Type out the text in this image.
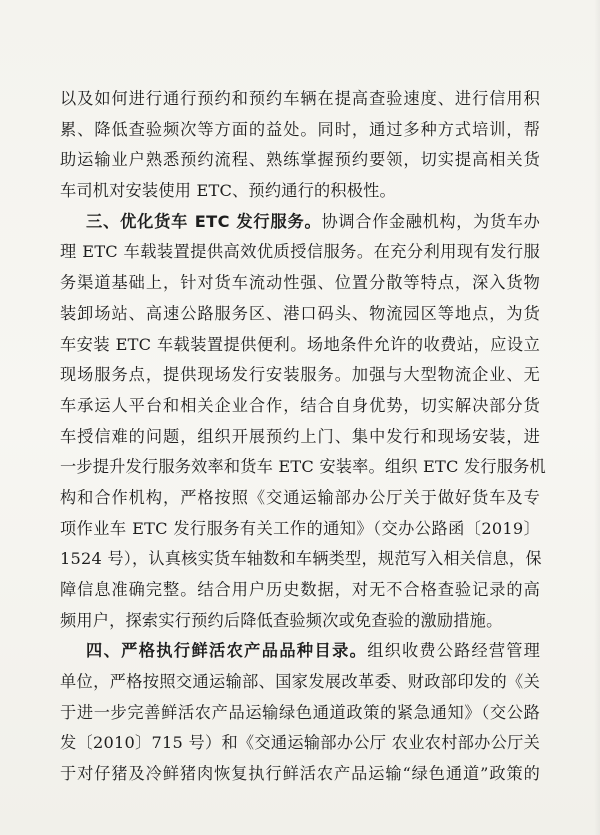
以及如何进行通行预约和预约车辆在提高查验速度、进行信用积
累、降低查验频次等方面的益处。同时，通过多种方式培训，帮
助运输业户熟悉预约流程、熟练掌握预约要领，切实提高相关货
车司机对安装使用 ETC、预约通行的积极性。
三、优化货车 ETC 发行服务。协调合作金融机构，为货车办
理 ETC 车载装置提供高效优质授信服务。在充分利用现有发行服
务渠道基础上，针对货车流动性强、位置分散等特点，深入货物
装卸场站、高速公路服务区、港口码头、物流园区等地点，为货
车安装 ETC 车载装置提供便利。场地条件允许的收费站，应设立
现场服务点，提供现场发行安装服务。加强与大型物流企业、无
车承运人平台和相关企业合作，结合自身优势，切实解决部分货
车授信难的问题，组织开展预约上门、集中发行和现场安装，进
一步提升发行服务效率和货车 ETC 安装率。组织 ETC 发行服务机
构和合作机构，严格按照《交通运输部办公厅关于做好货车及专
项作业车 ETC 发行服务有关工作的通知》（交办公路函〔2019〕
1524 号），认真核实货车轴数和车辆类型，规范写入相关信息，保
障信息准确完整。结合用户历史数据，对无不合格查验记录的高
频用户，探索实行预约后降低查验频次或免查验的激励措施。
四、严格执行鲜活农产品品种目录。组织收费公路经营管理
单位，严格按照交通运输部、国家发展改革委、财政部印发的《关
于进一步完善鲜活农产品运输绿色通道政策的紧急通知》（交公路
发〔2010〕715 号）和《交通运输部办公厅 农业农村部办公厅关
于对仔猪及冷鲜猪肉恢复执行鲜活农产品运输“绿色通道”政策的
